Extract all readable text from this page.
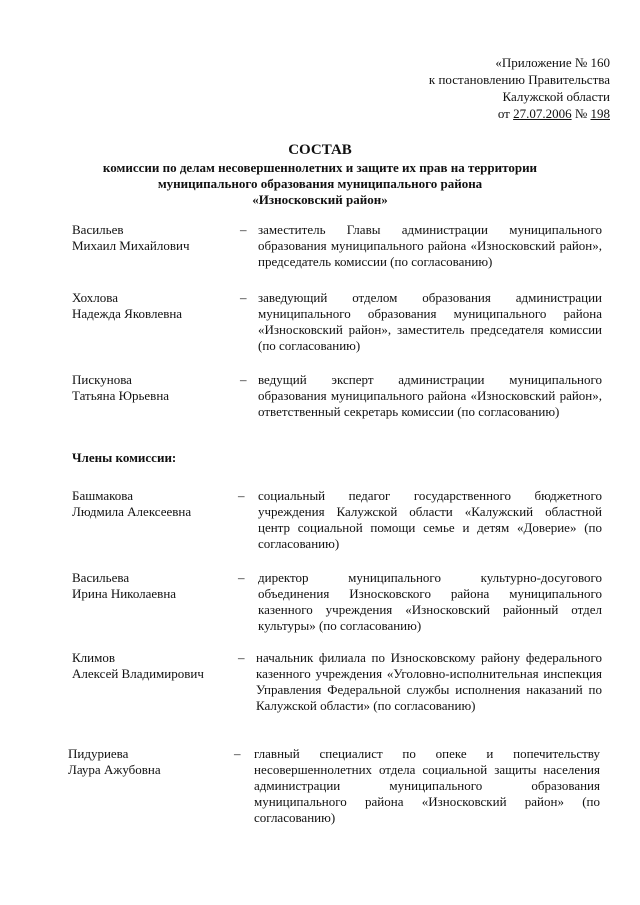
«Приложение № 160
к постановлению Правительства
Калужской области
от 27.07.2006 № 198
СОСТАВ
комиссии по делам несовершеннолетних и защите их прав на территории
муниципального образования муниципального района
«Износковский район»
Васильев
Михаил Михайлович
– заместитель Главы администрации муниципального образования муниципального района «Износковский район», председатель комиссии (по согласованию)
Хохлова
Надежда Яковлевна
– заведующий отделом образования администрации муниципального образования муниципального района «Износковский район», заместитель председателя комиссии (по согласованию)
Пискунова
Татьяна Юрьевна
– ведущий эксперт администрации муниципального образования муниципального района «Износковский район», ответственный секретарь комиссии (по согласованию)
Члены комиссии:
Башмакова
Людмила Алексеевна
– социальный педагог государственного бюджетного учреждения Калужской области «Калужский областной центр социальной помощи семье и детям «Доверие» (по согласованию)
Васильева
Ирина Николаевна
– директор муниципального культурно-досугового объединения Износковского района муниципального казенного учреждения «Износковский районный отдел культуры» (по согласованию)
Климов
Алексей Владимирович
– начальник филиала по Износковскому району федерального казенного учреждения «Уголовно-исполнительная инспекция Управления Федеральной службы исполнения наказаний по Калужской области» (по согласованию)
Пидуриева
Лаура Ажубовна
– главный специалист по опеке и попечительству несовершеннолетних отдела социальной защиты населения администрации муниципального образования муниципального района «Износковский район» (по согласованию)
